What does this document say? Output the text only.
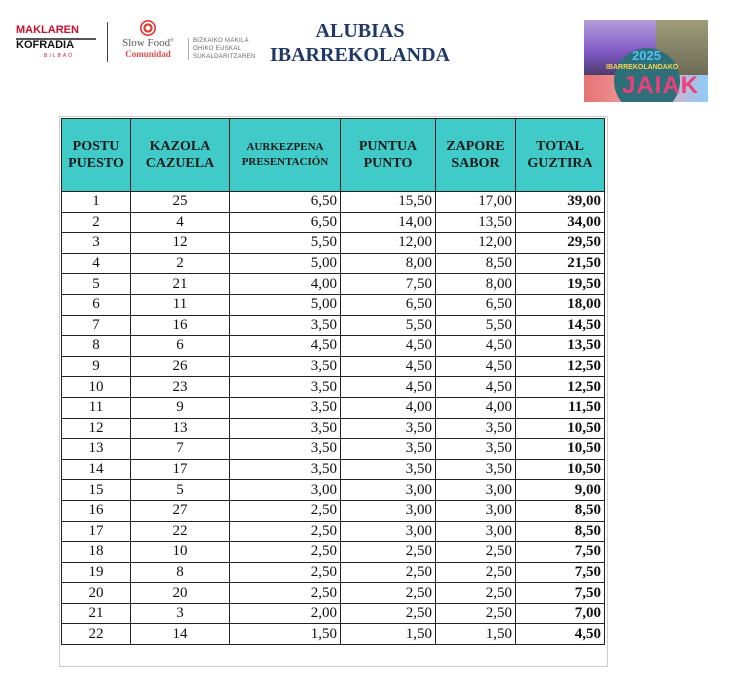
MAKLAREN
KOFRADIA
BILBAO
Slow Food®
Comunidad
BIZKAIKO MAKILA
OHIKO EUSKAL
SUKALDARITZAREN
ALUBIAS
IBARREKOLANDA	2025
IBARREKOLANDAKO
JAIAK
POSTU
PUESTO	KAZOLA
CAZUELA	AURKEZPENA
PRESENTACIÓN	PUNTUA
PUNTO	ZAPORE
SABOR	TOTAL
GUZTIRA
1	25	6,50	15,50	17,00	39,00
2	4	6,50	14,00	13,50	34,00
3	12	5,50	12,00	12,00	29,50
4	2	5,00	8,00	8,50	21,50
5	21	4,00	7,50	8,00	19,50
6	11	5,00	6,50	6,50	18,00
7	16	3,50	5,50	5,50	14,50
8	6	4,50	4,50	4,50	13,50
9	26	3,50	4,50	4,50	12,50
10	23	3,50	4,50	4,50	12,50
11	9	3,50	4,00	4,00	11,50
12	13	3,50	3,50	3,50	10,50
13	7	3,50	3,50	3,50	10,50
14	17	3,50	3,50	3,50	10,50
15	5	3,00	3,00	3,00	9,00
16	27	2,50	3,00	3,00	8,50
17	22	2,50	3,00	3,00	8,50
18	10	2,50	2,50	2,50	7,50
19	8	2,50	2,50	2,50	7,50
20	20	2,50	2,50	2,50	7,50
21	3	2,00	2,50	2,50	7,00
22	14	1,50	1,50	1,50	4,50
